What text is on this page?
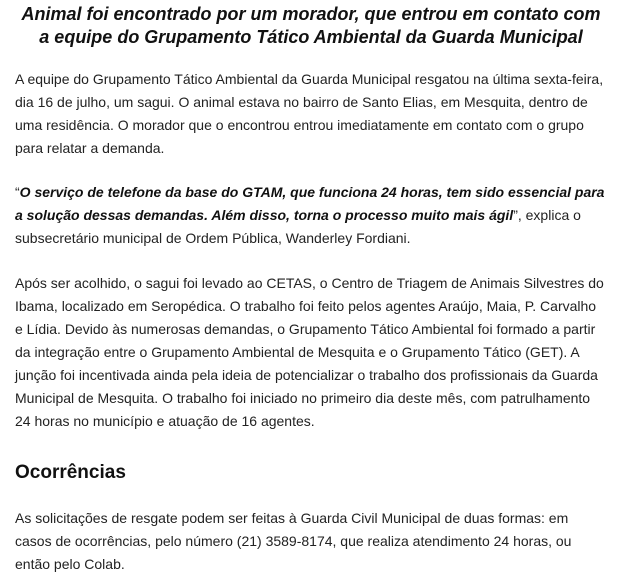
Animal foi encontrado por um morador, que entrou em contato com a equipe do Grupamento Tático Ambiental da Guarda Municipal

A equipe do Grupamento Tático Ambiental da Guarda Municipal resgatou na última sexta-feira, dia 16 de julho, um sagui. O animal estava no bairro de Santo Elias, em Mesquita, dentro de uma residência. O morador que o encontrou entrou imediatamente em contato com o grupo para relatar a demanda.

“O serviço de telefone da base do GTAM, que funciona 24 horas, tem sido essencial para a solução dessas demandas. Além disso, torna o processo muito mais ágil”, explica o subsecretário municipal de Ordem Pública, Wanderley Fordiani.

Após ser acolhido, o sagui foi levado ao CETAS, o Centro de Triagem de Animais Silvestres do Ibama, localizado em Seropédica. O trabalho foi feito pelos agentes Araújo, Maia, P. Carvalho e Lídia. Devido às numerosas demandas, o Grupamento Tático Ambiental foi formado a partir da integração entre o Grupamento Ambiental de Mesquita e o Grupamento Tático (GET). A junção foi incentivada ainda pela ideia de potencializar o trabalho dos profissionais da Guarda Municipal de Mesquita. O trabalho foi iniciado no primeiro dia deste mês, com patrulhamento 24 horas no município e atuação de 16 agentes.

Ocorrências

As solicitações de resgate podem ser feitas à Guarda Civil Municipal de duas formas: em casos de ocorrências, pelo número (21) 3589-8174, que realiza atendimento 24 horas, ou então pelo Colab.
